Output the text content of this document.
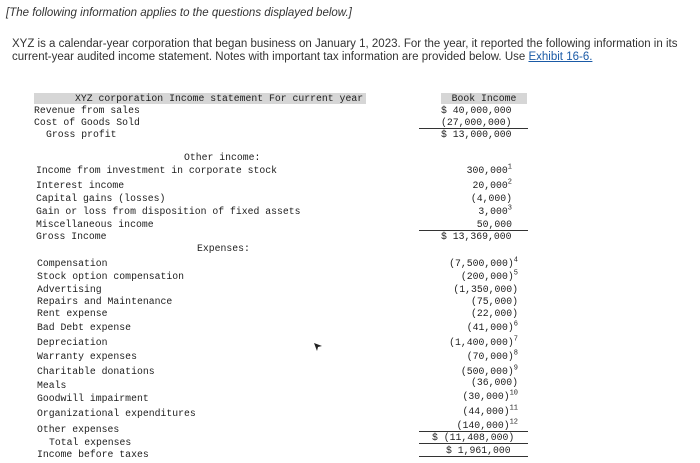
[The following information applies to the questions displayed below.]
XYZ is a calendar-year corporation that began business on January 1, 2023. For the year, it reported the following information in its current-year audited income statement. Notes with important tax information are provided below. Use Exhibit 16-6.
XYZ corporation Income statement For current year	Book Income
Revenue from sales	$ 40,000,000
Cost of Goods Sold	(27,000,000)
Gross profit	$ 13,000,000
Other income:
Income from investment in corporate stock	300,000$^1$
Interest income	20,000$^2$
Capital gains (losses)	(4,000)
Gain or loss from disposition of fixed assets	3,000$^3$
Miscellaneous income	50,000
Gross Income	$ 13,369,000
Expenses:
Compensation	$(7,500,000)^4$
Stock option compensation	$(200,000)^5$
Advertising	(1,350,000)
Repairs and Maintenance	(75,000)
Rent expense	(22,000)
Bad Debt expense	$(41,000)^6$
Depreciation	$(1,400,000)^7$
Warranty expenses	$(70,000)^8$
Charitable donations	$(500,000)^9$
Meals	(36,000)
Goodwill impairment	$(30,000)^{10}$
Organizational expenditures	$(44,000)^{11}$
Other expenses	$(140,000)^{12}$
Total expenses	$ (11,408,000)
Income before taxes	$ 1,961,000
